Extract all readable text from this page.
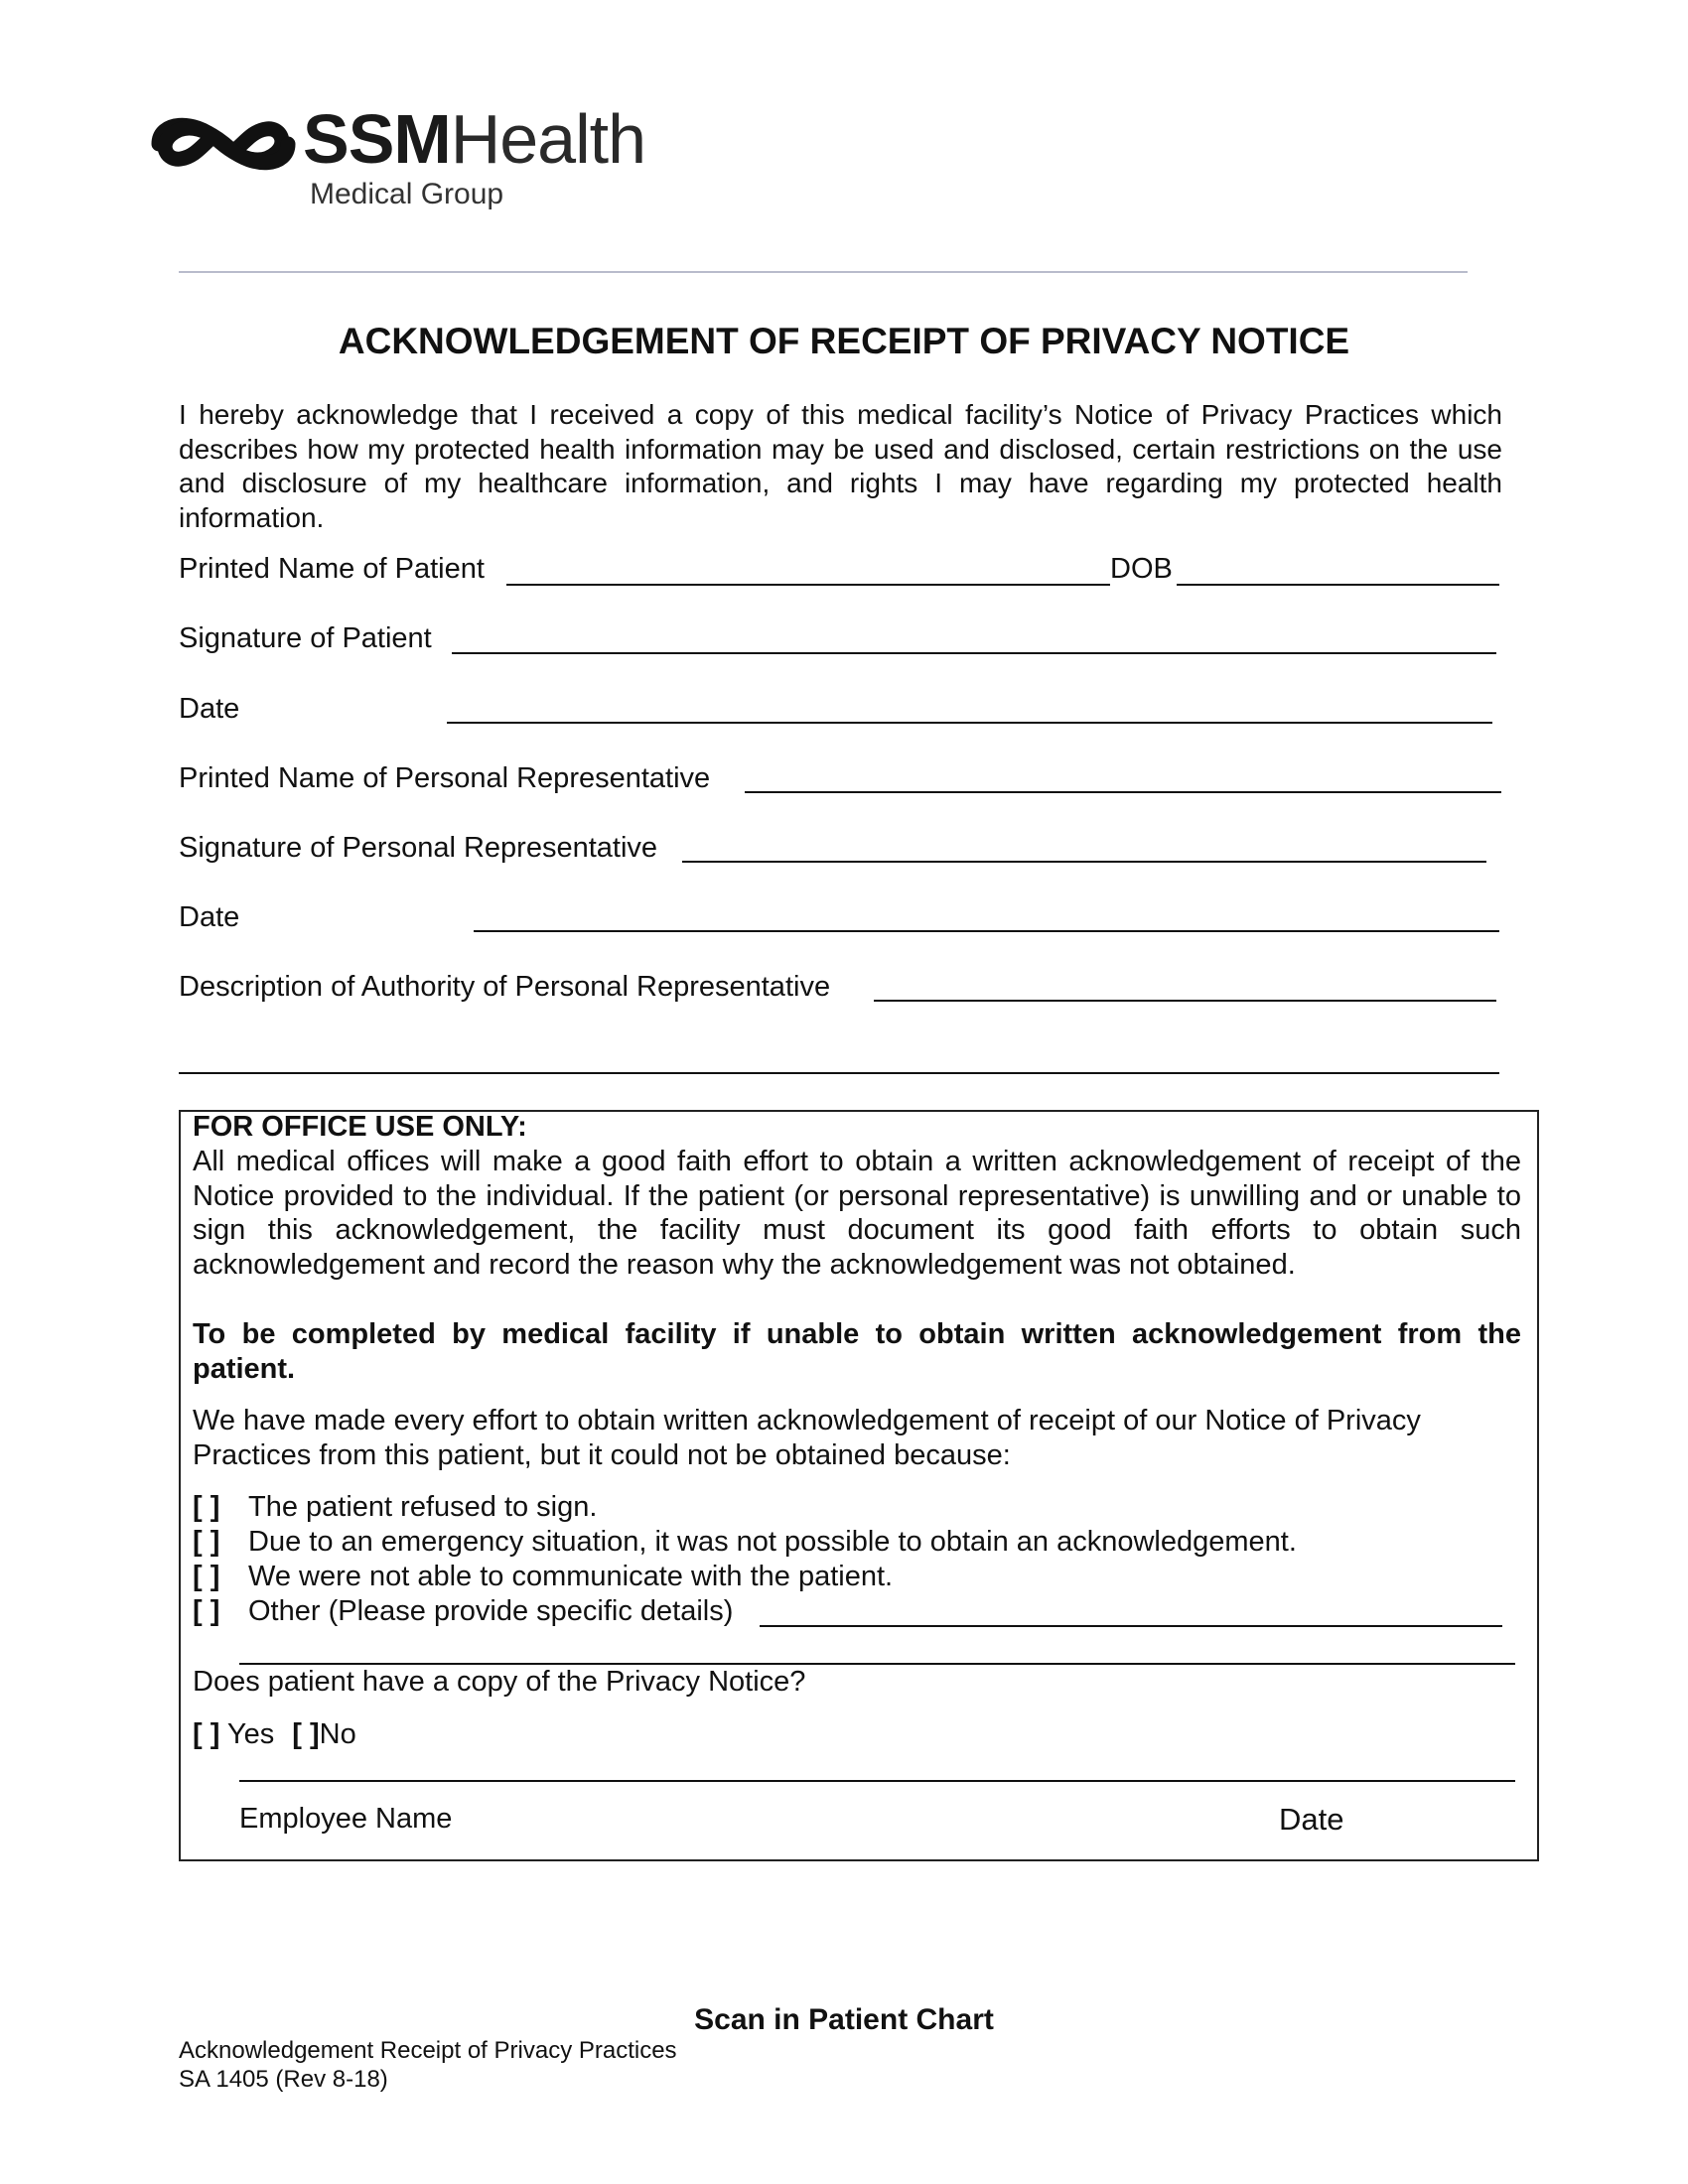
SSMHealth
Medical Group
ACKNOWLEDGEMENT OF RECEIPT OF PRIVACY NOTICE
I hereby acknowledge that I received a copy of this medical facility’s Notice of Privacy Practices which describes how my protected health information may be used and disclosed, certain restrictions on the use and disclosure of my healthcare information, and rights I may have regarding my protected health information.
Printed Name of Patient	DOB
Signature of Patient
Date
Printed Name of Personal Representative
Signature of Personal Representative
Date
Description of Authority of Personal Representative
FOR OFFICE USE ONLY:
All medical offices will make a good faith effort to obtain a written acknowledgement of receipt of the Notice provided to the individual. If the patient (or personal representative) is unwilling and or unable to sign this acknowledgement, the facility must document its good faith efforts to obtain such acknowledgement and record the reason why the acknowledgement was not obtained.
To be completed by medical facility if unable to obtain written acknowledgement from the patient.
We have made every effort to obtain written acknowledgement of receipt of our Notice of Privacy Practices from this patient, but it could not be obtained because:
[ ] The patient refused to sign.
[ ] Due to an emergency situation, it was not possible to obtain an acknowledgement.
[ ] We were not able to communicate with the patient.
[ ] Other (Please provide specific details)
Does patient have a copy of the Privacy Notice?
[ ] Yes [ ]No
Employee Name	Date
Scan in Patient Chart
Acknowledgement Receipt of Privacy Practices
SA 1405 (Rev 8-18)
